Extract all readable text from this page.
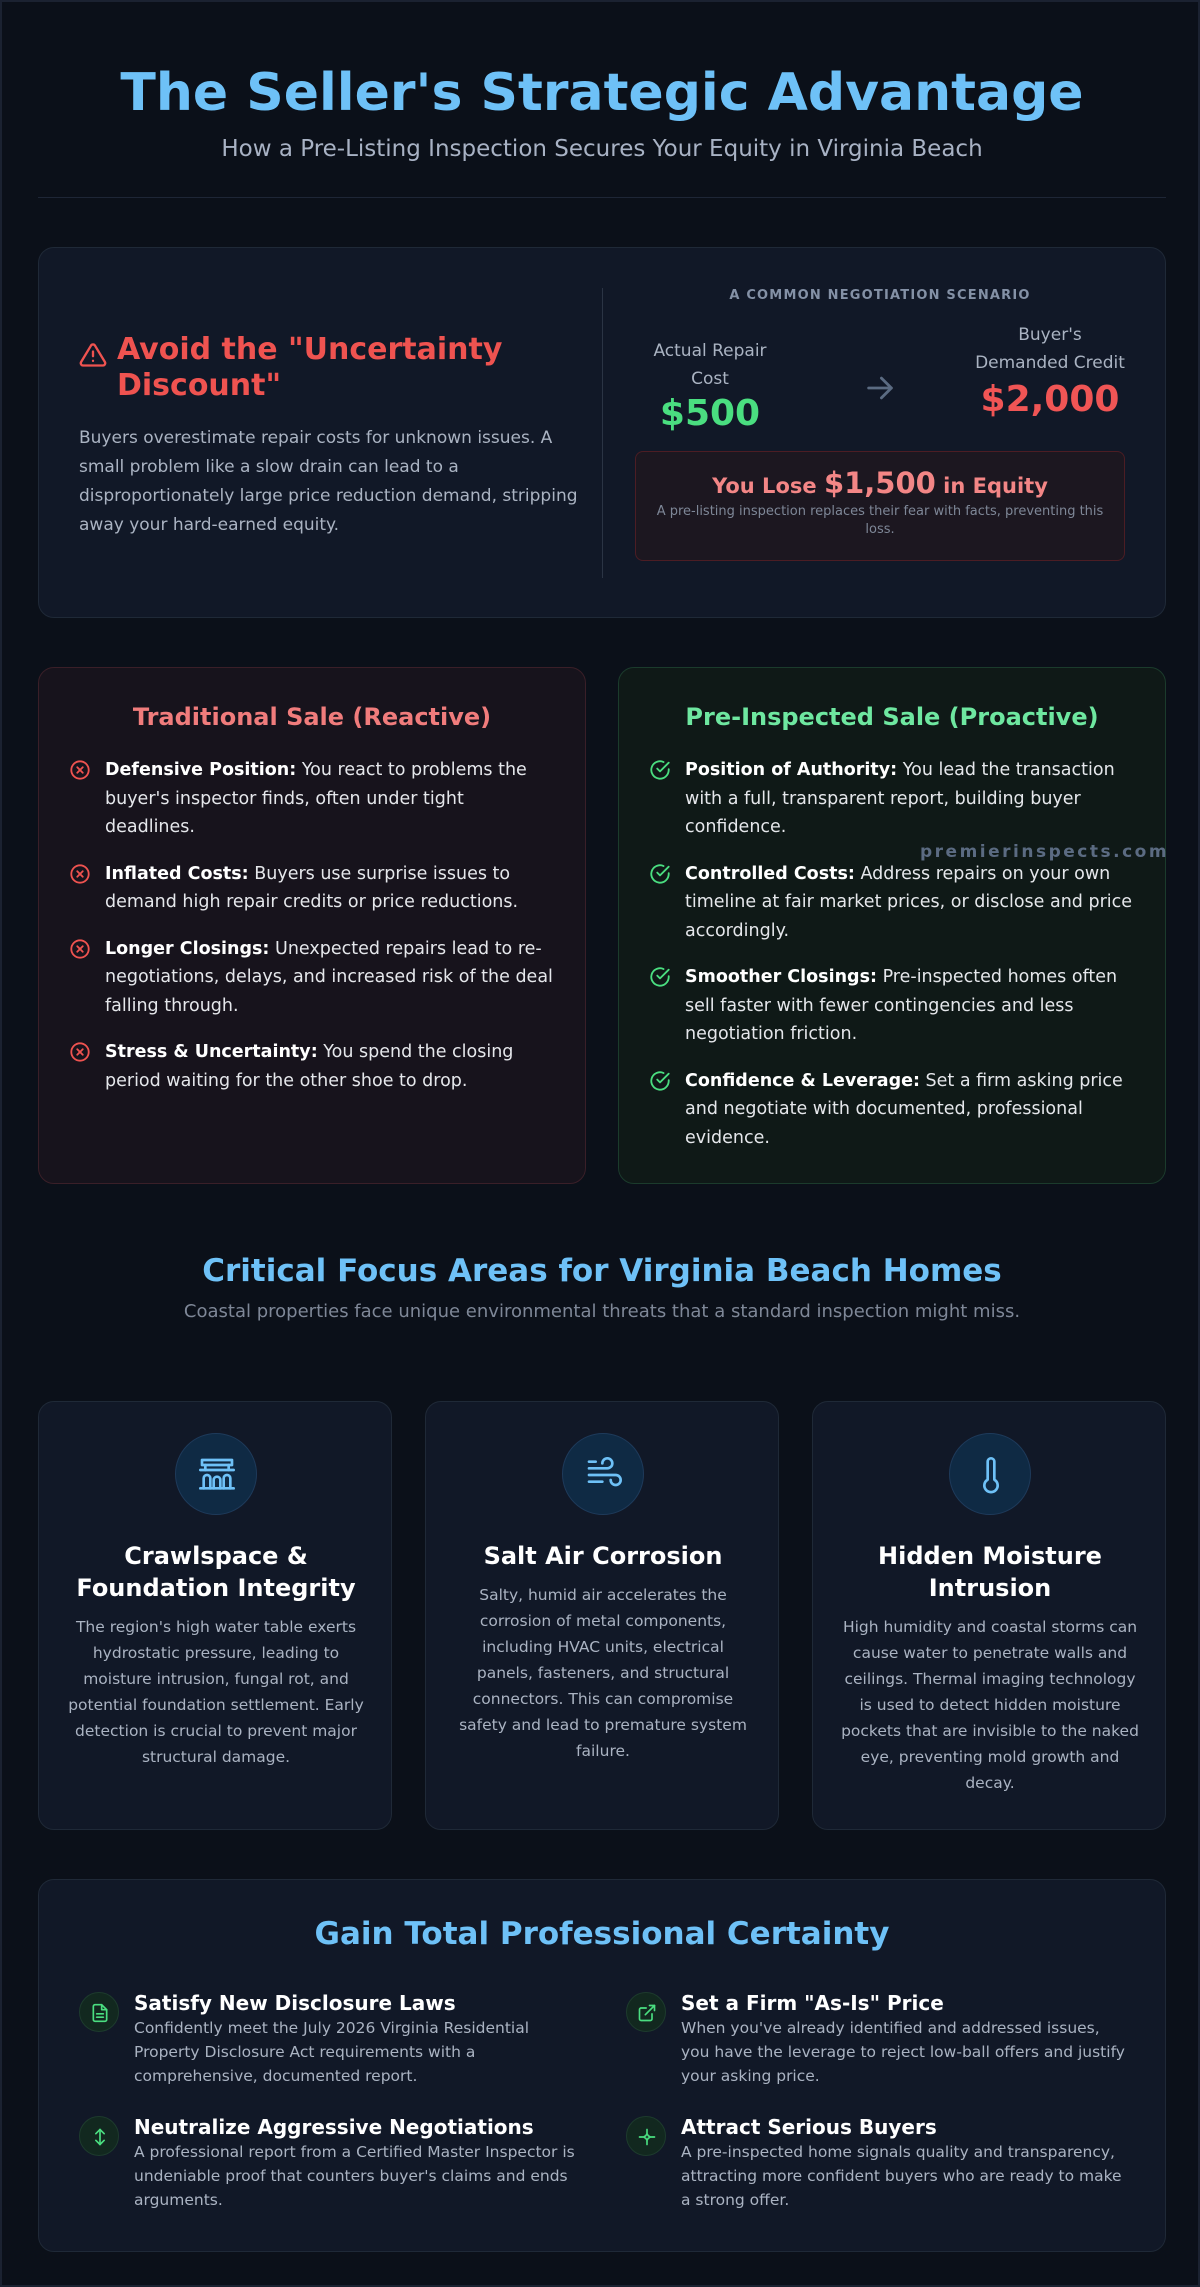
The Seller's Strategic Advantage
How a Pre-Listing Inspection Secures Your Equity in Virginia Beach
Avoid the "Uncertainty Discount"

Buyers overestimate repair costs for unknown issues. A small problem like a slow drain can lead to a disproportionately large price reduction demand, stripping away your hard-earned equity.

A COMMON NEGOTIATION SCENARIO
Actual Repair Cost
$500
Buyer's Demanded Credit
$2,000
You Lose $1,500 in Equity
A pre-listing inspection replaces their fear with facts, preventing this loss.
Traditional Sale (Reactive)
Defensive Position: You react to problems the buyer's inspector finds, often under tight deadlines.
Inflated Costs: Buyers use surprise issues to demand high repair credits or price reductions.
Longer Closings: Unexpected repairs lead to re-negotiations, delays, and increased risk of the deal falling through.
Stress & Uncertainty: You spend the closing period waiting for the other shoe to drop.
Pre-Inspected Sale (Proactive)
Position of Authority: You lead the transaction with a full, transparent report, building buyer confidence.
Controlled Costs: Address repairs on your own timeline at fair market prices, or disclose and price accordingly.
Smoother Closings: Pre-inspected homes often sell faster with fewer contingencies and less negotiation friction.
Confidence & Leverage: Set a firm asking price and negotiate with documented, professional evidence.
premierinspects.com
Critical Focus Areas for Virginia Beach Homes
Coastal properties face unique environmental threats that a standard inspection might miss.
Crawlspace & Foundation Integrity

The region's high water table exerts hydrostatic pressure, leading to moisture intrusion, fungal rot, and potential foundation settlement. Early detection is crucial to prevent major structural damage.

Salt Air Corrosion

Salty, humid air accelerates the corrosion of metal components, including HVAC units, electrical panels, fasteners, and structural connectors. This can compromise safety and lead to premature system failure.

Hidden Moisture Intrusion

High humidity and coastal storms can cause water to penetrate walls and ceilings. Thermal imaging technology is used to detect hidden moisture pockets that are invisible to the naked eye, preventing mold growth and decay.

Gain Total Professional Certainty
Satisfy New Disclosure Laws
Confidently meet the July 2026 Virginia Residential Property Disclosure Act requirements with a comprehensive, documented report.
Set a Firm "As-Is" Price
When you've already identified and addressed issues, you have the leverage to reject low-ball offers and justify your asking price.
Neutralize Aggressive Negotiations
A professional report from a Certified Master Inspector is undeniable proof that counters buyer's claims and ends arguments.
Attract Serious Buyers
A pre-inspected home signals quality and transparency, attracting more confident buyers who are ready to make a strong offer.
